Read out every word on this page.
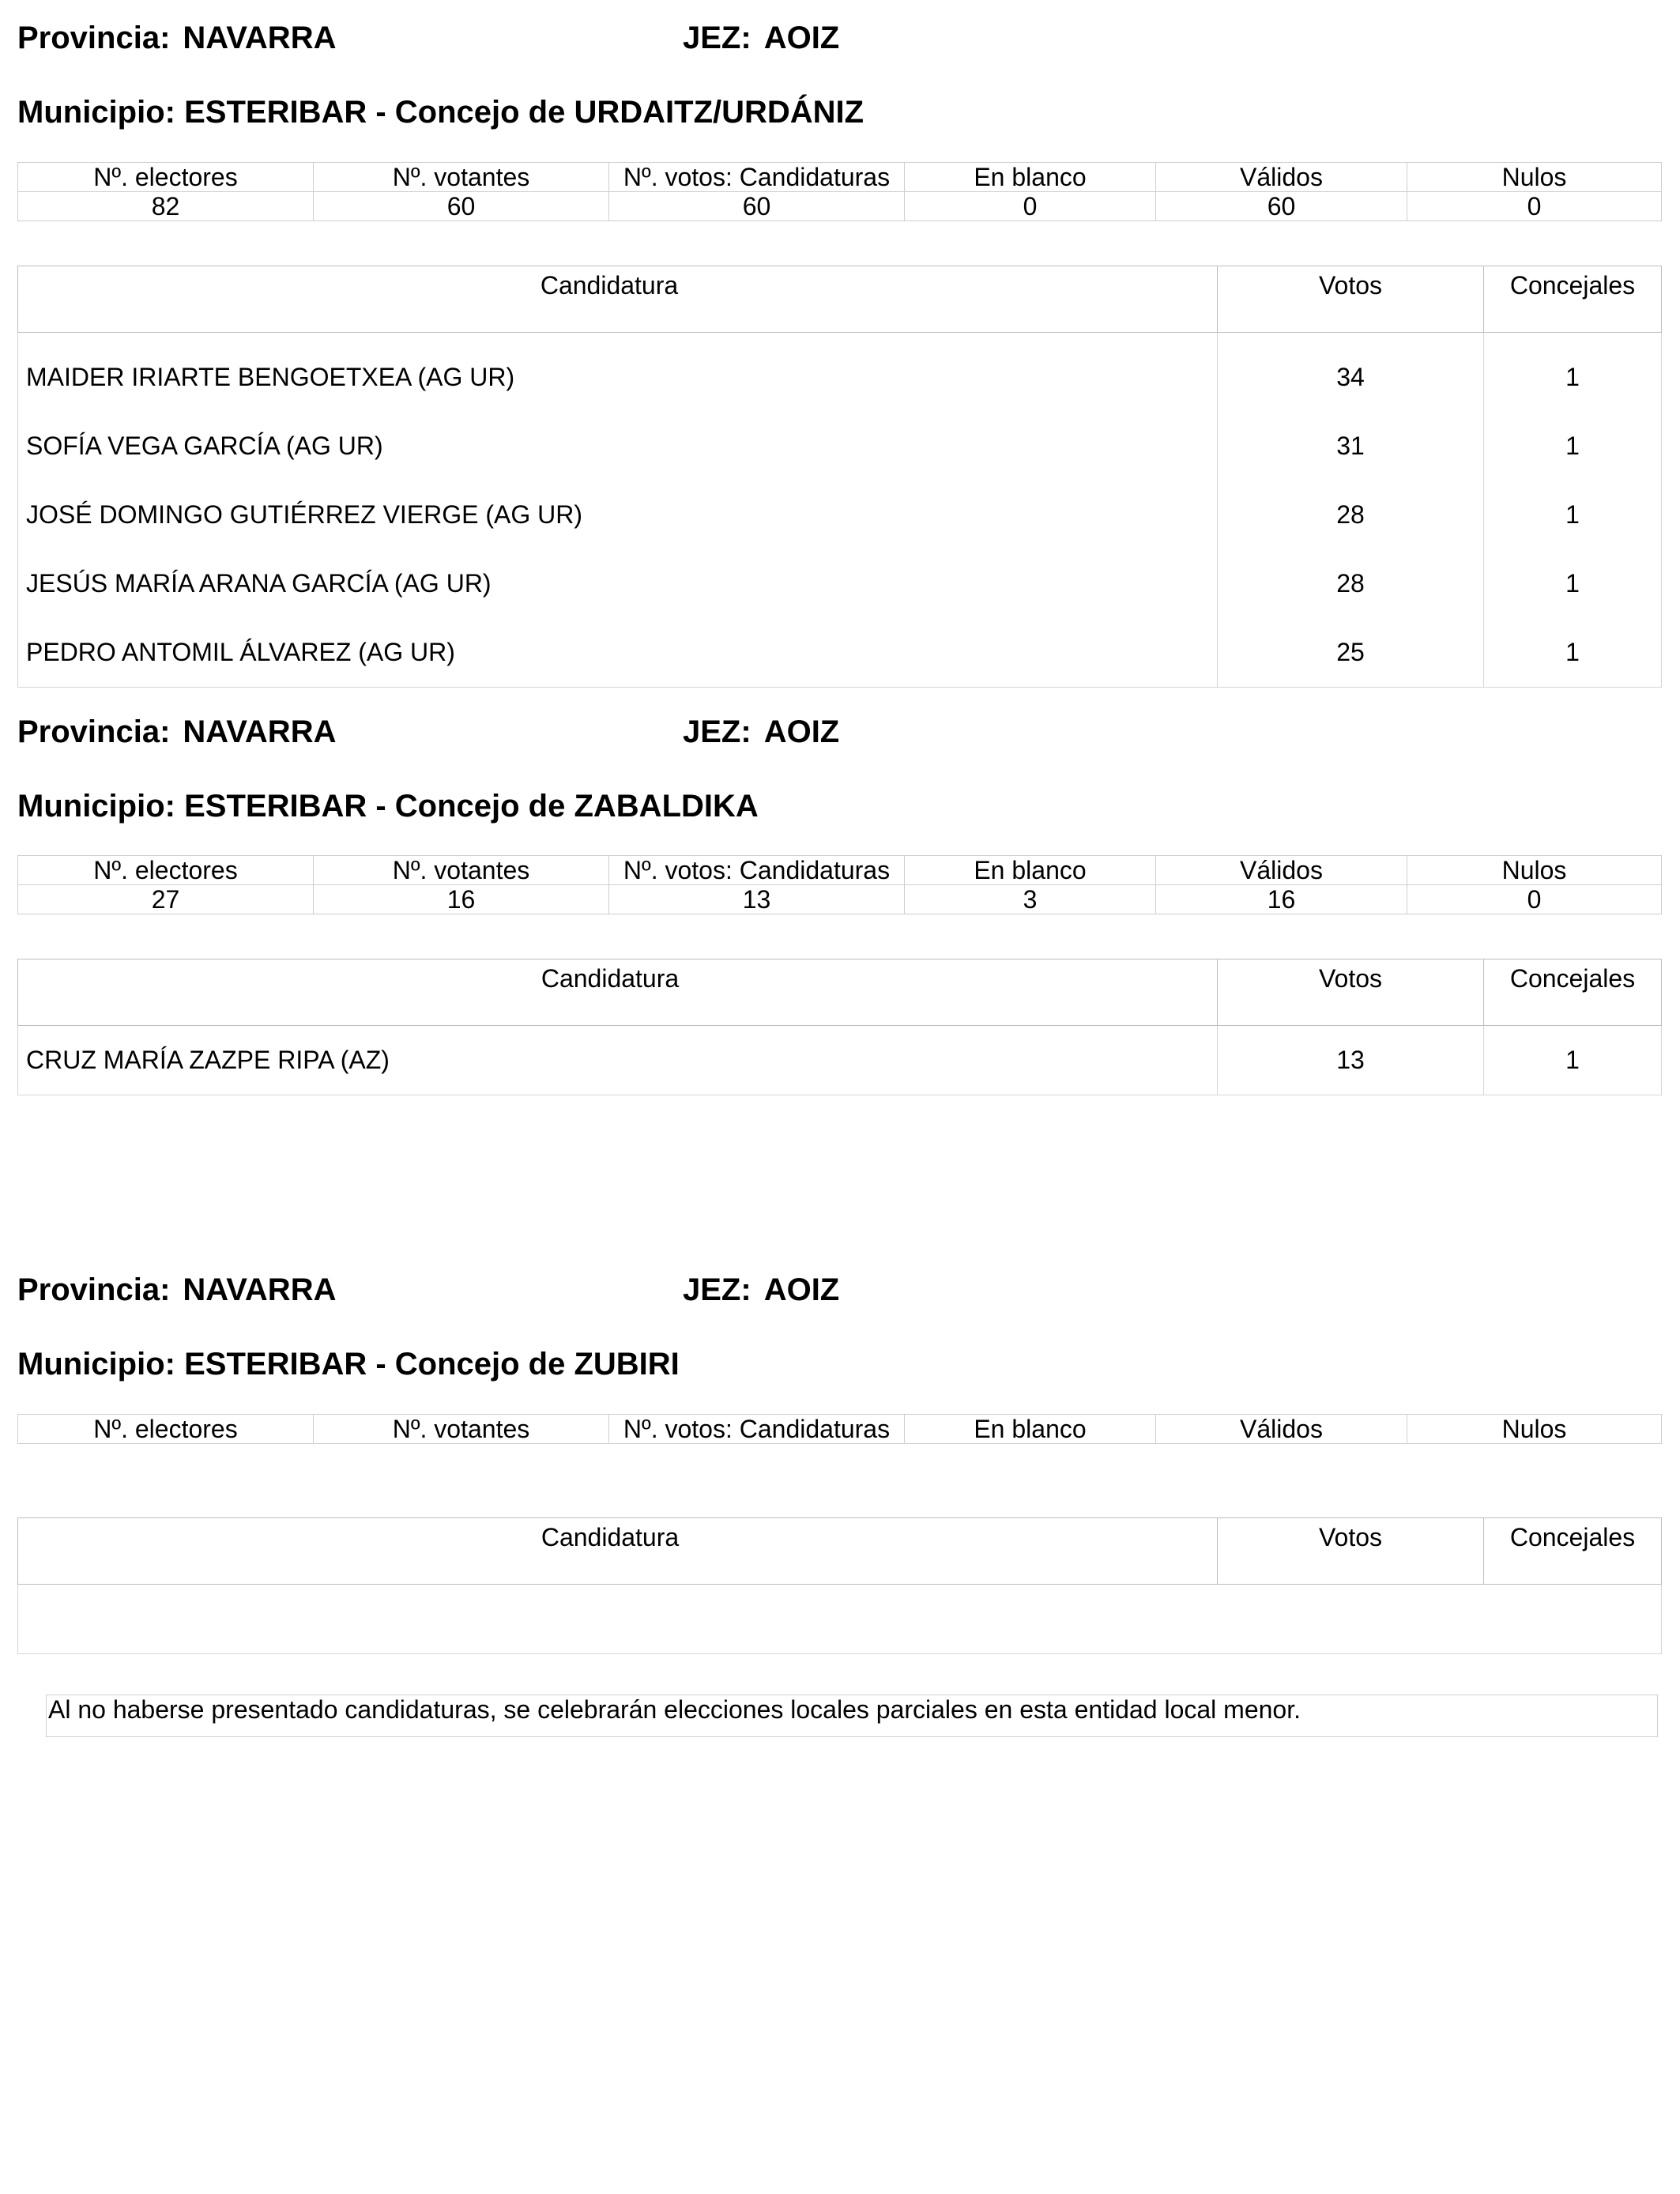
Provincia: NAVARRA	JEZ: AOIZ
Municipio: ESTERIBAR - Concejo de URDAITZ/URDÁNIZ
Nº. electores	Nº. votantes	Nº. votos: Candidaturas	En blanco	Válidos	Nulos
82	60	60	0	60	0
Candidatura	Votos	Concejales
MAIDER IRIARTE BENGOETXEA (AG UR)	34	1
SOFÍA VEGA GARCÍA (AG UR)	31	1
JOSÉ DOMINGO GUTIÉRREZ VIERGE (AG UR)	28	1
JESÚS MARÍA ARANA GARCÍA (AG UR)	28	1
PEDRO ANTOMIL ÁLVAREZ (AG UR)	25	1
Provincia: NAVARRA	JEZ: AOIZ
Municipio: ESTERIBAR - Concejo de ZABALDIKA
Nº. electores	Nº. votantes	Nº. votos: Candidaturas	En blanco	Válidos	Nulos
27	16	13	3	16	0
Candidatura	Votos	Concejales
CRUZ MARÍA ZAZPE RIPA (AZ)	13	1
Provincia: NAVARRA	JEZ: AOIZ
Municipio: ESTERIBAR - Concejo de ZUBIRI
Nº. electores	Nº. votantes	Nº. votos: Candidaturas	En blanco	Válidos	Nulos
Candidatura	Votos	Concejales

Al no haberse presentado candidaturas, se celebrarán elecciones locales parciales en esta entidad local menor.
